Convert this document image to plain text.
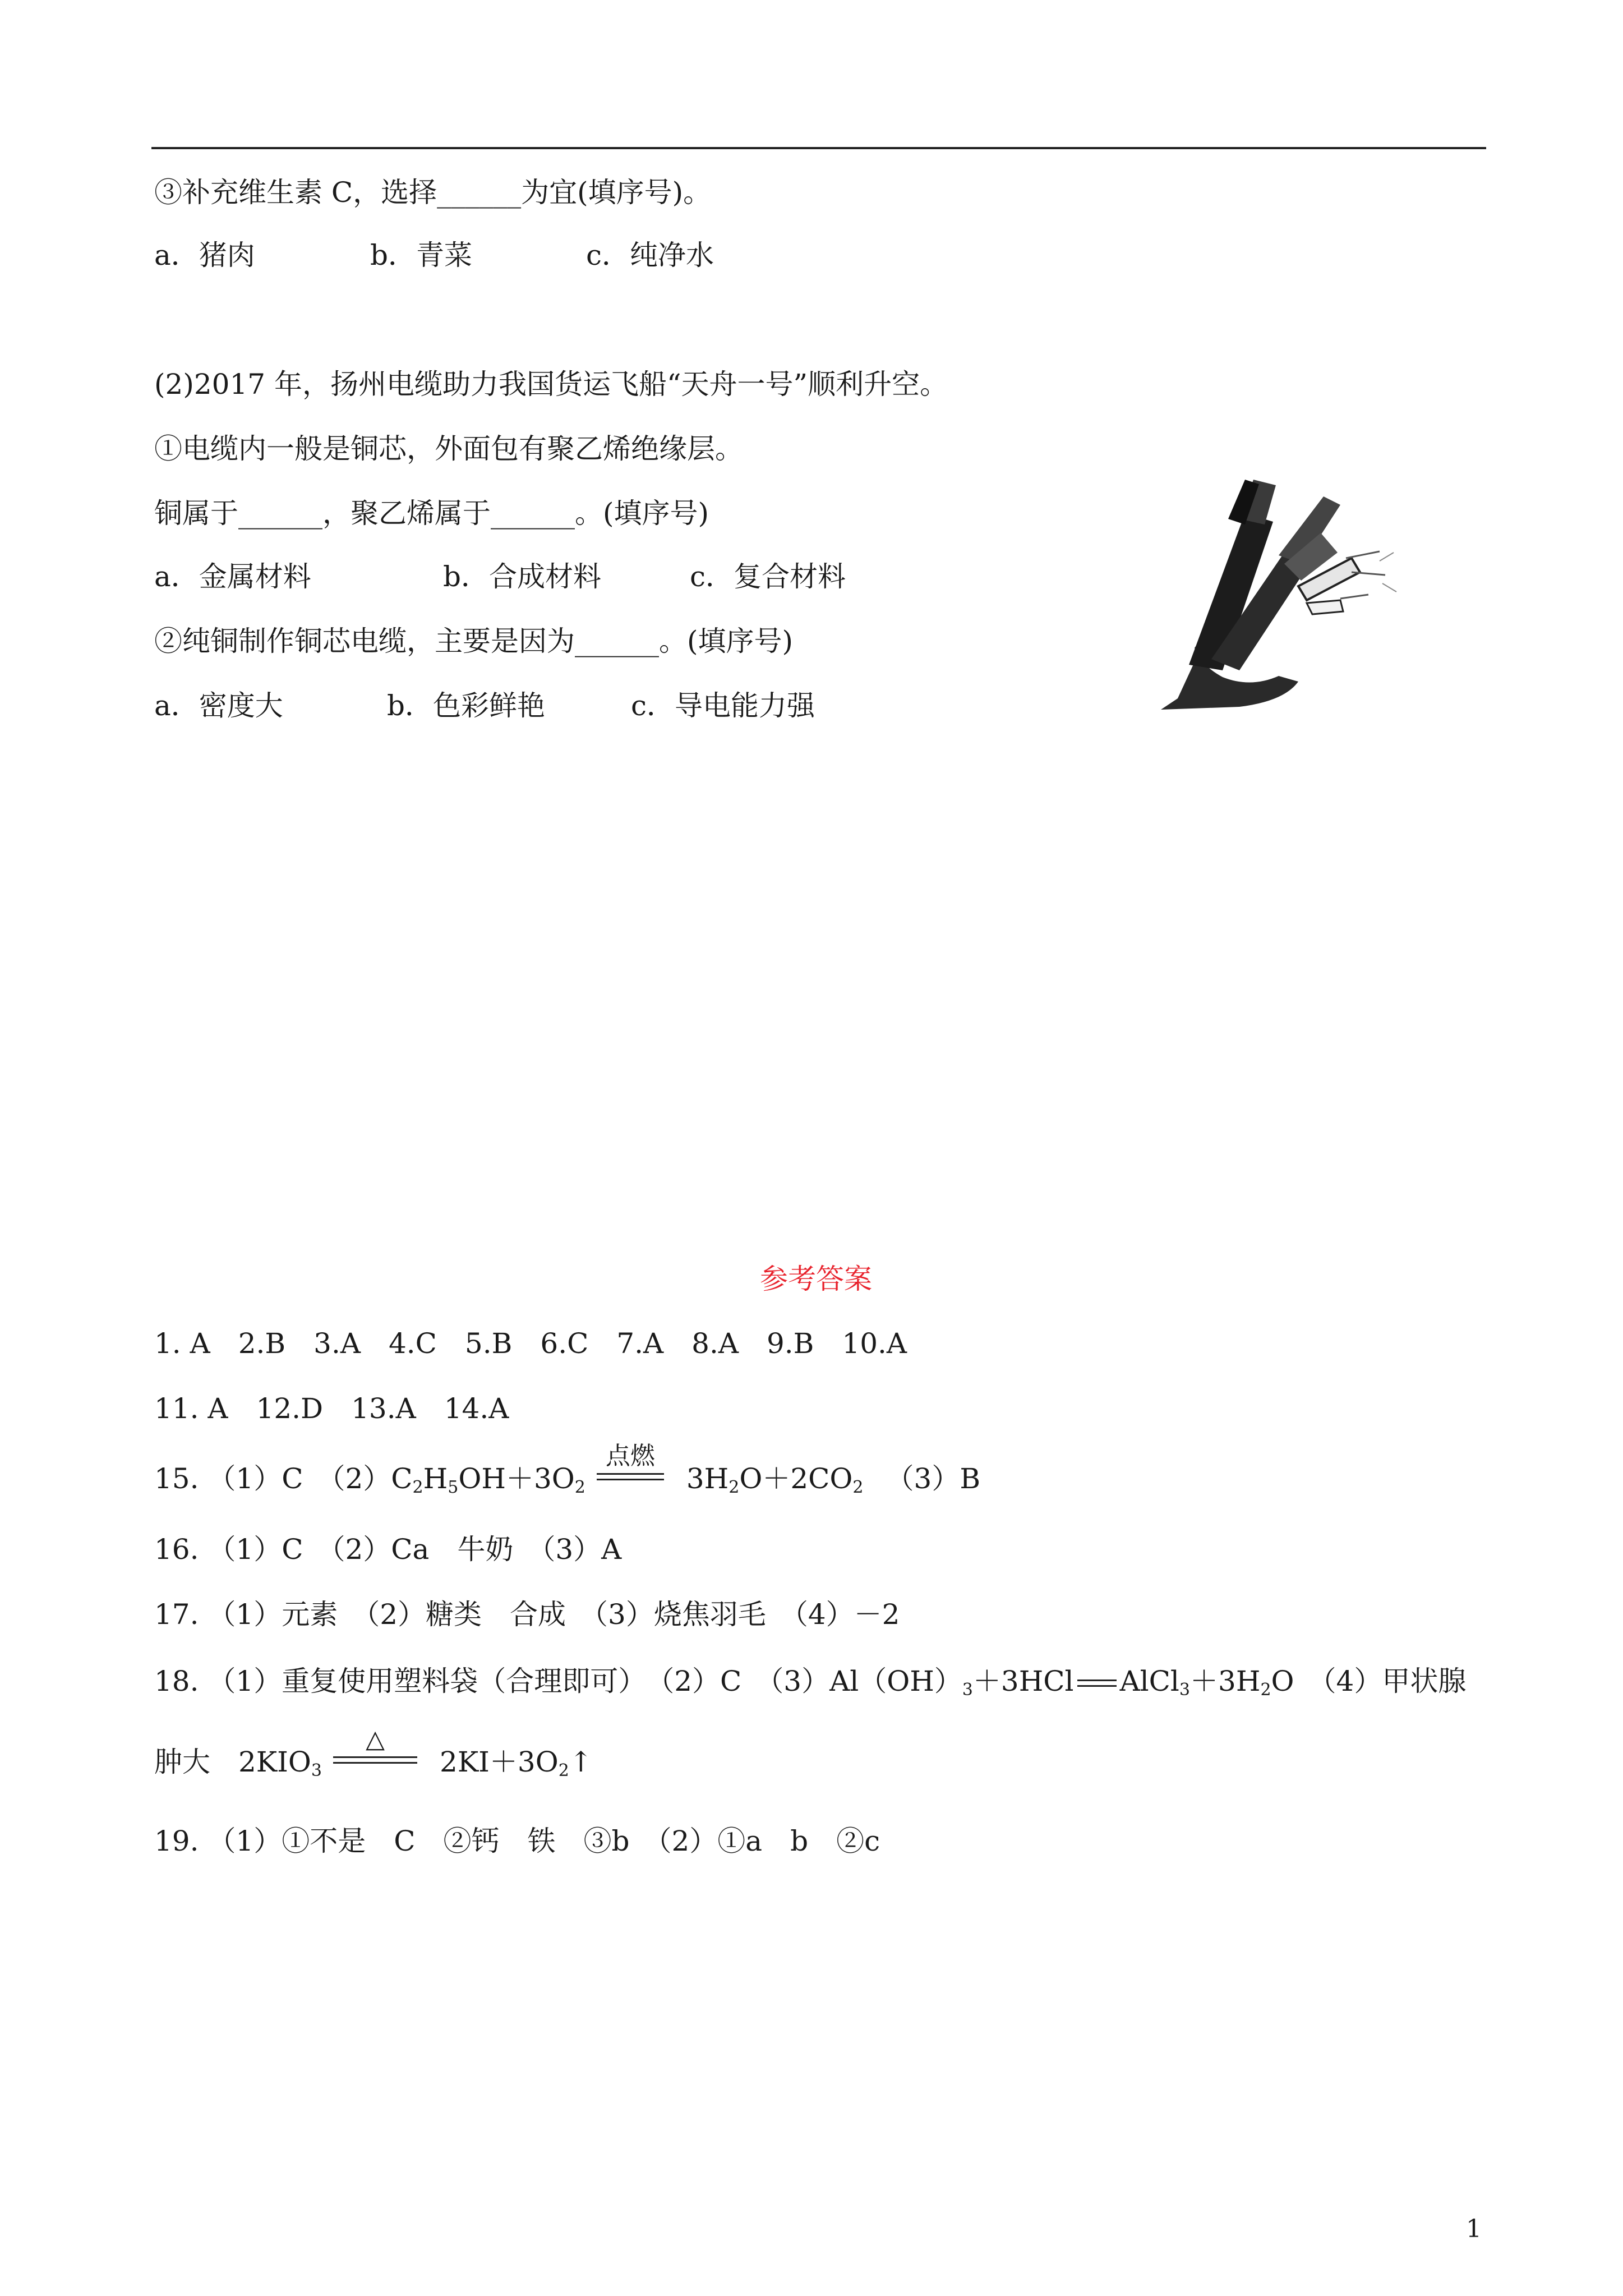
③补充维生素 C，选择______为宜(填序号)。
a．猪肉	b．青菜	c．纯净水
(2)2017 年，扬州电缆助力我国货运飞船“天舟一号”顺利升空。
①电缆内一般是铜芯，外面包有聚乙烯绝缘层。
铜属于______，聚乙烯属于______。(填序号)
a．金属材料	b．合成材料	c．复合材料
②纯铜制作铜芯电缆，主要是因为______。(填序号)
a．密度大	b．色彩鲜艳	c．导电能力强
参考答案
1. A　2.B　3.A　4.C　5.B　6.C　7.A　8.A　9.B　10.A
11. A　12.D　13.A　14.A
15. （1）C　$(2)C_2H_5OH+3O_2$
点燃
$3H_2O+2CO_2$ （3）B
16. （1）C　（2）Ca　牛奶　（3）A
17. （1）元素　（2）糖类　合成　（3）烧焦羽毛　（4）－2
18. （1）重复使用塑料袋（合理即可）　（2）C　$(3)Al(OH)_3+3HCl$ $AlCl_3+3H_2O$　（4）甲状腺
肿大　$2KIO_3$
△
$2KI+3O_2↑$
19. （1）①不是　C　②钙　铁　③b　（2）①a　b　②c
1
